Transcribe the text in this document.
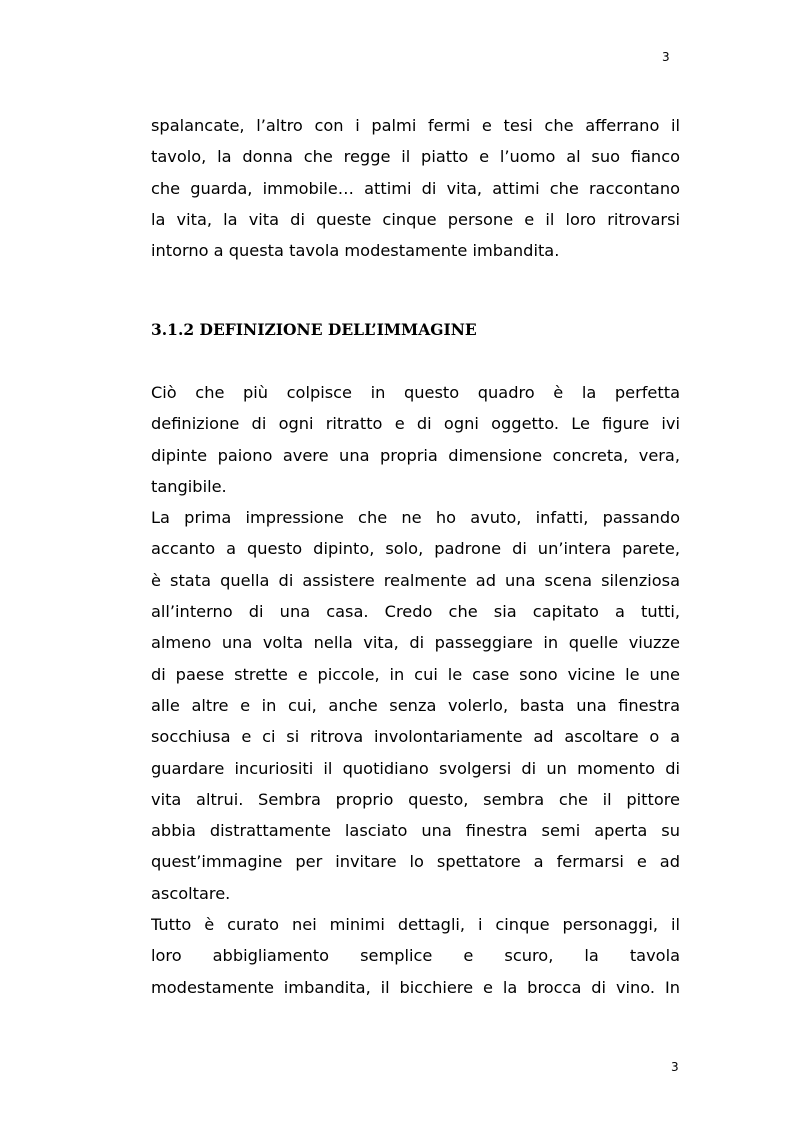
3
spalancate, l’altro con i palmi fermi e tesi che afferrano il
tavolo, la donna che regge il piatto e l’uomo al suo fianco
che guarda, immobile… attimi di vita, attimi che raccontano
la vita, la vita di queste cinque persone e il loro ritrovarsi
intorno a questa tavola modestamente imbandita.
3.1.2 DEFINIZIONE DELL’IMMAGINE
Ciò che più colpisce in questo quadro è la perfetta
definizione di ogni ritratto e di ogni oggetto. Le figure ivi
dipinte paiono avere una propria dimensione concreta, vera,
tangibile.
La prima impressione che ne ho avuto, infatti, passando
accanto a questo dipinto, solo, padrone di un’intera parete,
è stata quella di assistere realmente ad una scena silenziosa
all’interno di una casa. Credo che sia capitato a tutti,
almeno una volta nella vita, di passeggiare in quelle viuzze
di paese strette e piccole, in cui le case sono vicine le une
alle altre e in cui, anche senza volerlo, basta una finestra
socchiusa e ci si ritrova involontariamente ad ascoltare o a
guardare incuriositi il quotidiano svolgersi di un momento di
vita altrui. Sembra proprio questo, sembra che il pittore
abbia distrattamente lasciato una finestra semi aperta su
quest’immagine per invitare lo spettatore a fermarsi e ad
ascoltare.
Tutto è curato nei minimi dettagli, i cinque personaggi, il
loro abbigliamento semplice e scuro, la tavola
modestamente imbandita, il bicchiere e la brocca di vino. In
3
